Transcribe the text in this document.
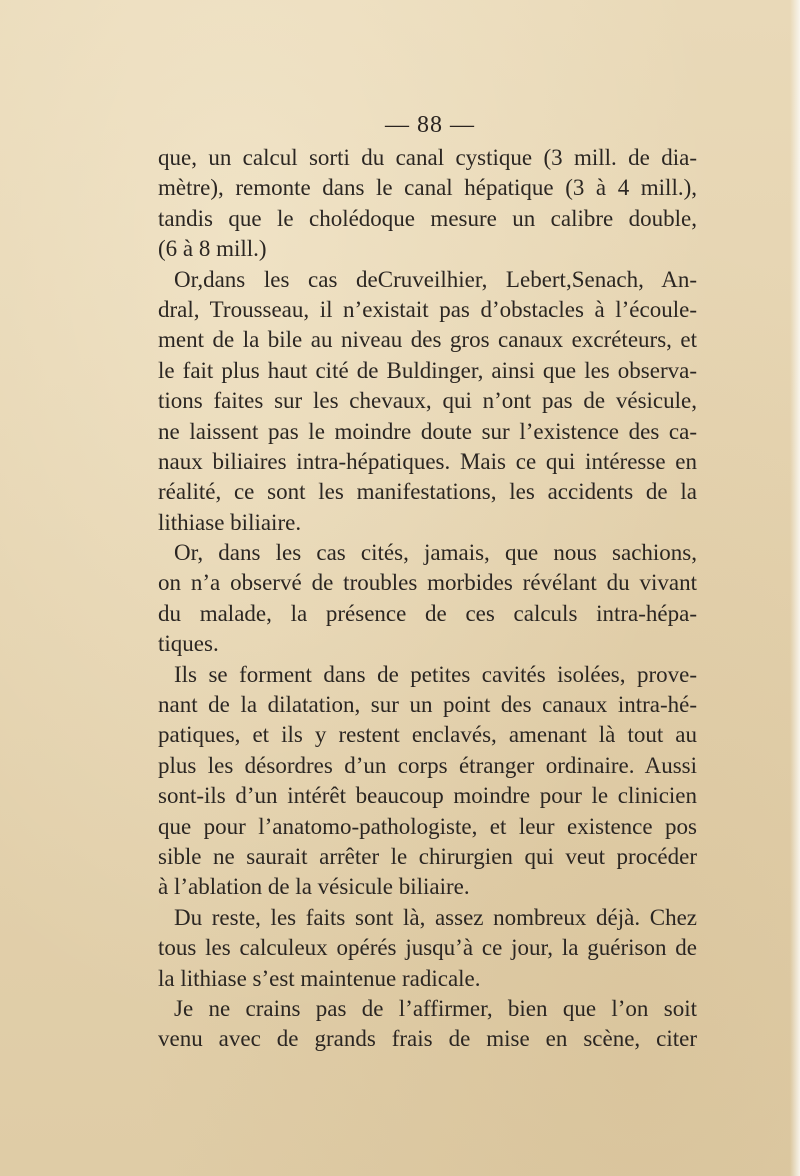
— 88 —
que, un calcul sorti du canal cystique (3 mill. de dia-
mètre), remonte dans le canal hépatique (3 à 4 mill.),
tandis que le cholédoque mesure un calibre double,
(6 à 8 mill.)
Or,dans les cas deCruveilhier, Lebert,Senach, An-
dral, Trousseau, il n’existait pas d’obstacles à l’écoule-
ment de la bile au niveau des gros canaux excréteurs, et
le fait plus haut cité de Buldinger, ainsi que les observa-
tions faites sur les chevaux, qui n’ont pas de vésicule,
ne laissent pas le moindre doute sur l’existence des ca-
naux biliaires intra-hépatiques. Mais ce qui intéresse en
réalité, ce sont les manifestations, les accidents de la
lithiase biliaire.
Or, dans les cas cités, jamais, que nous sachions,
on n’a observé de troubles morbides révélant du vivant
du malade, la présence de ces calculs intra-hépa-
tiques.
Ils se forment dans de petites cavités isolées, prove-
nant de la dilatation, sur un point des canaux intra-hé-
patiques, et ils y restent enclavés, amenant là tout au
plus les désordres d’un corps étranger ordinaire. Aussi
sont-ils d’un intérêt beaucoup moindre pour le clinicien
que pour l’anatomo-pathologiste, et leur existence pos
sible ne saurait arrêter le chirurgien qui veut procéder
à l’ablation de la vésicule biliaire.
Du reste, les faits sont là, assez nombreux déjà. Chez
tous les calculeux opérés jusqu’à ce jour, la guérison de
la lithiase s’est maintenue radicale.
Je ne crains pas de l’affirmer, bien que l’on soit
venu avec de grands frais de mise en scène, citer
